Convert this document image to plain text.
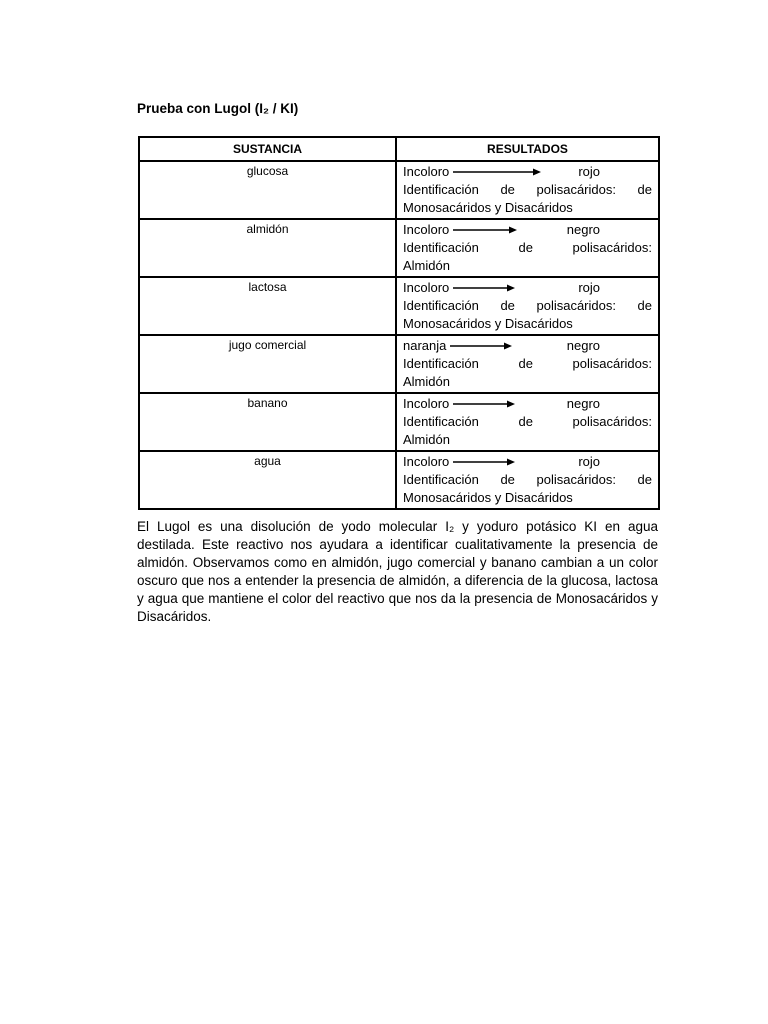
Prueba con Lugol (I₂ / KI)
SUSTANCIA	RESULTADOS
glucosa	Incoloro rojo
Identificación de polisacáridos: de
Monosacáridos y Disacáridos

almidón	Incoloro negro
Identificación de polisacáridos:
Almidón

lactosa	Incoloro rojo
Identificación de polisacáridos: de
Monosacáridos y Disacáridos

jugo comercial	naranja negro
Identificación de polisacáridos:
Almidón

banano	Incoloro negro
Identificación de polisacáridos:
Almidón

agua	Incoloro rojo
Identificación de polisacáridos: de
Monosacáridos y Disacáridos
El Lugol es una disolución de yodo molecular I₂ y yoduro potásico KI en agua destilada. Este reactivo nos ayudara a identificar cualitativamente la presencia de almidón. Observamos como en almidón, jugo comercial y banano cambian a un color oscuro que nos a entender la presencia de almidón, a diferencia de la glucosa, lactosa y agua que mantiene el color del reactivo que nos da la presencia de Monosacáridos y Disacáridos.
